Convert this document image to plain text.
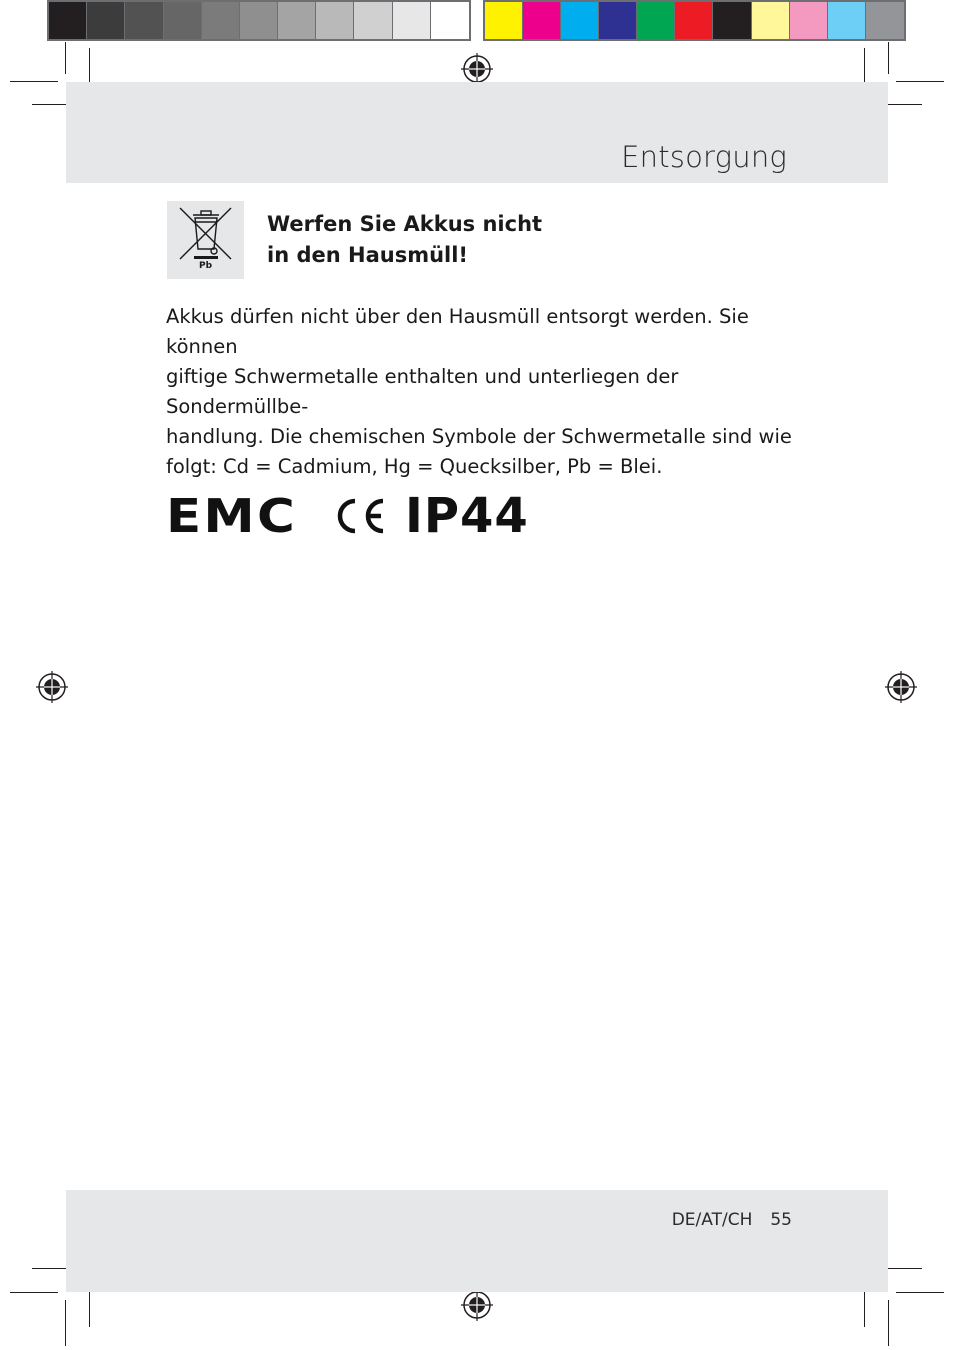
Entsorgung
Pb
Werfen Sie Akkus nicht
in den Hausmüll!

Akkus dürfen nicht über den Hausmüll entsorgt werden. Sie können
giftige Schwermetalle enthalten und unterliegen der Sondermüllbe-
handlung. Die chemischen Symbole der Schwermetalle sind wie
folgt: Cd = Cadmium, Hg = Quecksilber, Pb = Blei.

EMC IP44
DE/AT/CH 55
